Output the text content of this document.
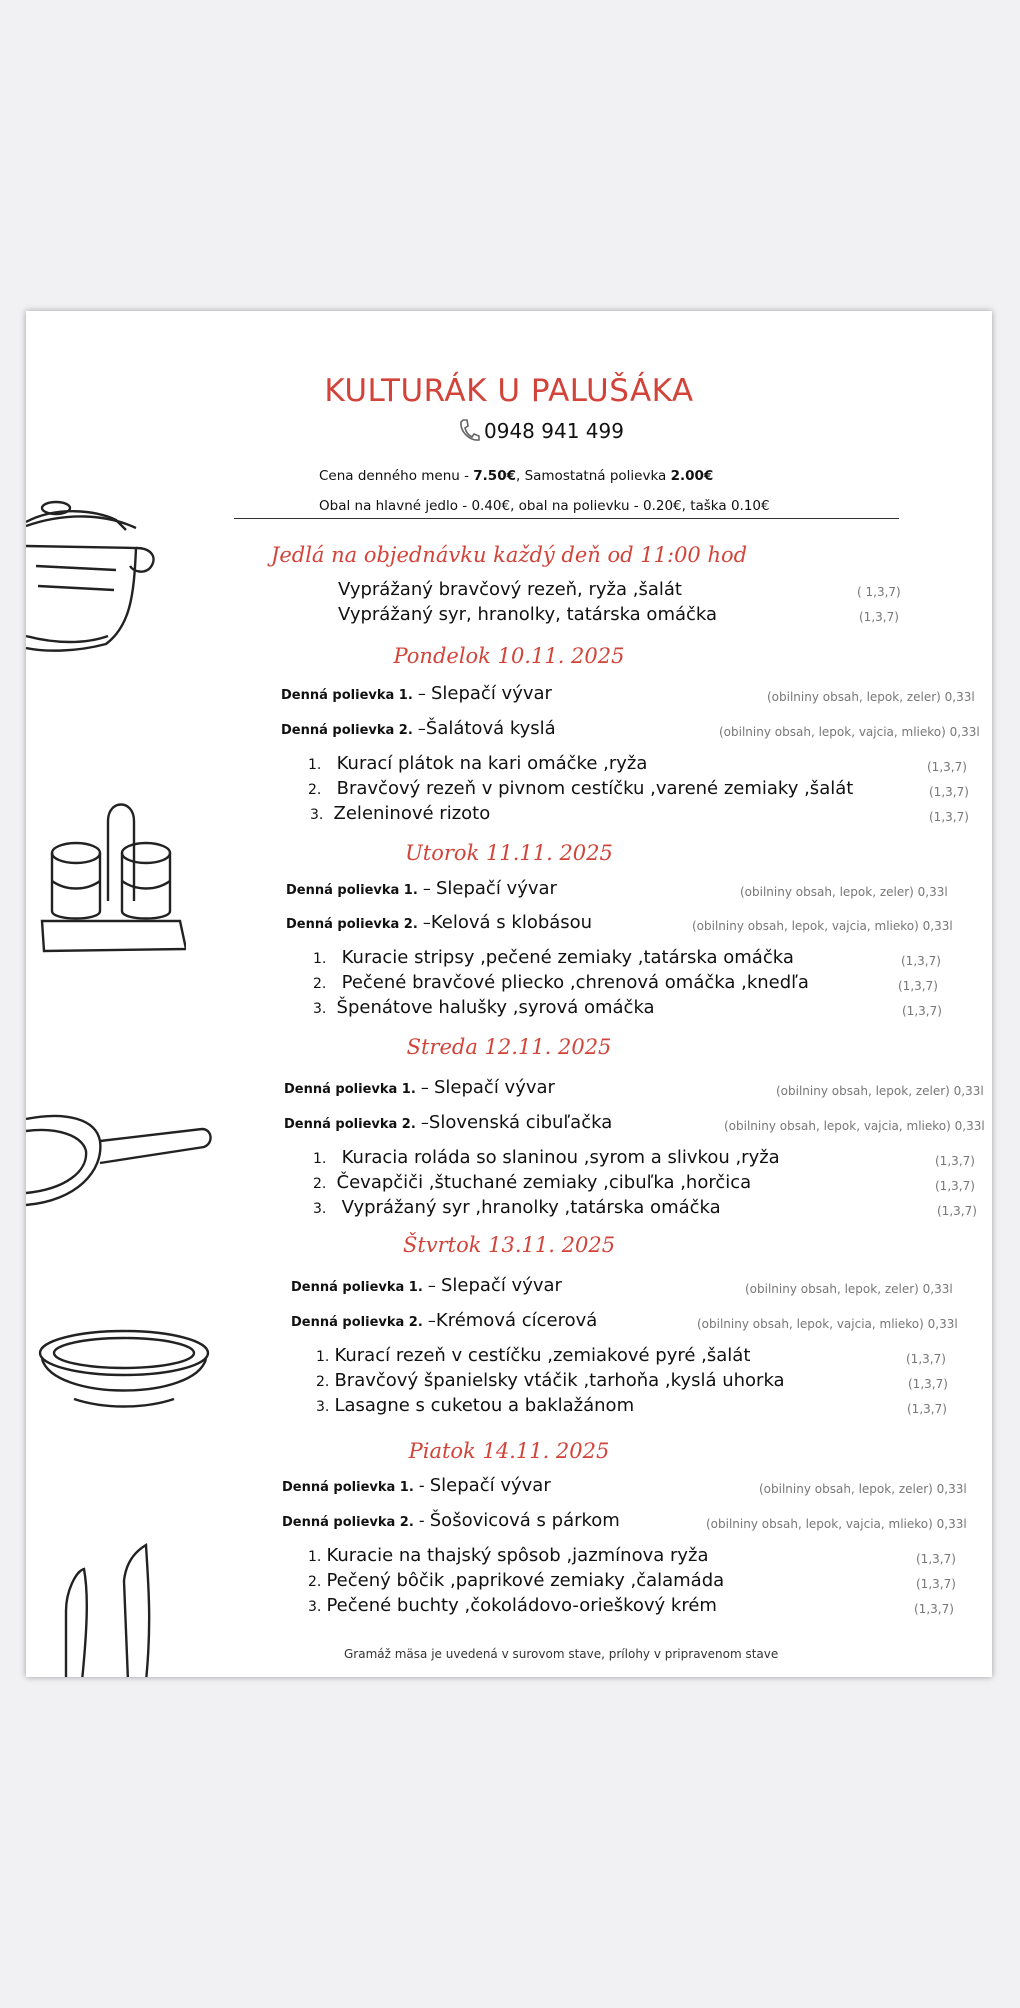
KULTURÁK U PALUŠÁKA
0948 941 499
Cena denného menu - 7.50€, Samostatná polievka 2.00€
Obal na hlavné jedlo - 0.40€, obal na polievku - 0.20€, taška 0.10€
Jedlá na objednávku každý deň od 11:00 hod
Vyprážaný bravčový rezeň, ryža ,šalát	( 1,3,7)
Vyprážaný syr, hranolky, tatárska omáčka	(1,3,7)
Pondelok 10.11. 2025
Denná polievka 1. – Slepačí vývar	(obilniny obsah, lepok, zeler) 0,33l
Denná polievka 2. –Šalátová kyslá	(obilniny obsah, lepok, vajcia, mlieko) 0,33l
1. Kurací plátok na kari omáčke ,ryža	(1,3,7)
2. Bravčový rezeň v pivnom cestíčku ,varené zemiaky ,šalát	(1,3,7)
3. Zeleninové rizoto	(1,3,7)
Utorok 11.11. 2025
Denná polievka 1. – Slepačí vývar	(obilniny obsah, lepok, zeler) 0,33l
Denná polievka 2. –Kelová s klobásou	(obilniny obsah, lepok, vajcia, mlieko) 0,33l
1. Kuracie stripsy ,pečené zemiaky ,tatárska omáčka	(1,3,7)
2. Pečené bravčové pliecko ,chrenová omáčka ,knedľa	(1,3,7)
3. Špenátove halušky ,syrová omáčka	(1,3,7)
Streda 12.11. 2025
Denná polievka 1. – Slepačí vývar	(obilniny obsah, lepok, zeler) 0,33l
Denná polievka 2. –Slovenská cibuľačka	(obilniny obsah, lepok, vajcia, mlieko) 0,33l
1. Kuracia roláda so slaninou ,syrom a slivkou ,ryža	(1,3,7)
2. Čevapčiči ,štuchané zemiaky ,cibuľka ,horčica	(1,3,7)
3. Vyprážaný syr ,hranolky ,tatárska omáčka	(1,3,7)
Štvrtok 13.11. 2025
Denná polievka 1. – Slepačí vývar	(obilniny obsah, lepok, zeler) 0,33l
Denná polievka 2. –Krémová cícerová	(obilniny obsah, lepok, vajcia, mlieko) 0,33l
1. Kurací rezeň v cestíčku ,zemiakové pyré ,šalát	(1,3,7)
2. Bravčový španielsky vtáčik ,tarhoňa ,kyslá uhorka	(1,3,7)
3. Lasagne s cuketou a baklažánom	(1,3,7)
Piatok 14.11. 2025
Denná polievka 1. - Slepačí vývar	(obilniny obsah, lepok, zeler) 0,33l
Denná polievka 2. - Šošovicová s párkom	(obilniny obsah, lepok, vajcia, mlieko) 0,33l
1. Kuracie na thajský spôsob ,jazmínova ryža	(1,3,7)
2. Pečený bôčik ,paprikové zemiaky ,čalamáda	(1,3,7)
3. Pečené buchty ,čokoládovo-orieškový krém	(1,3,7)
Gramáž mäsa je uvedená v surovom stave, prílohy v pripravenom stave
